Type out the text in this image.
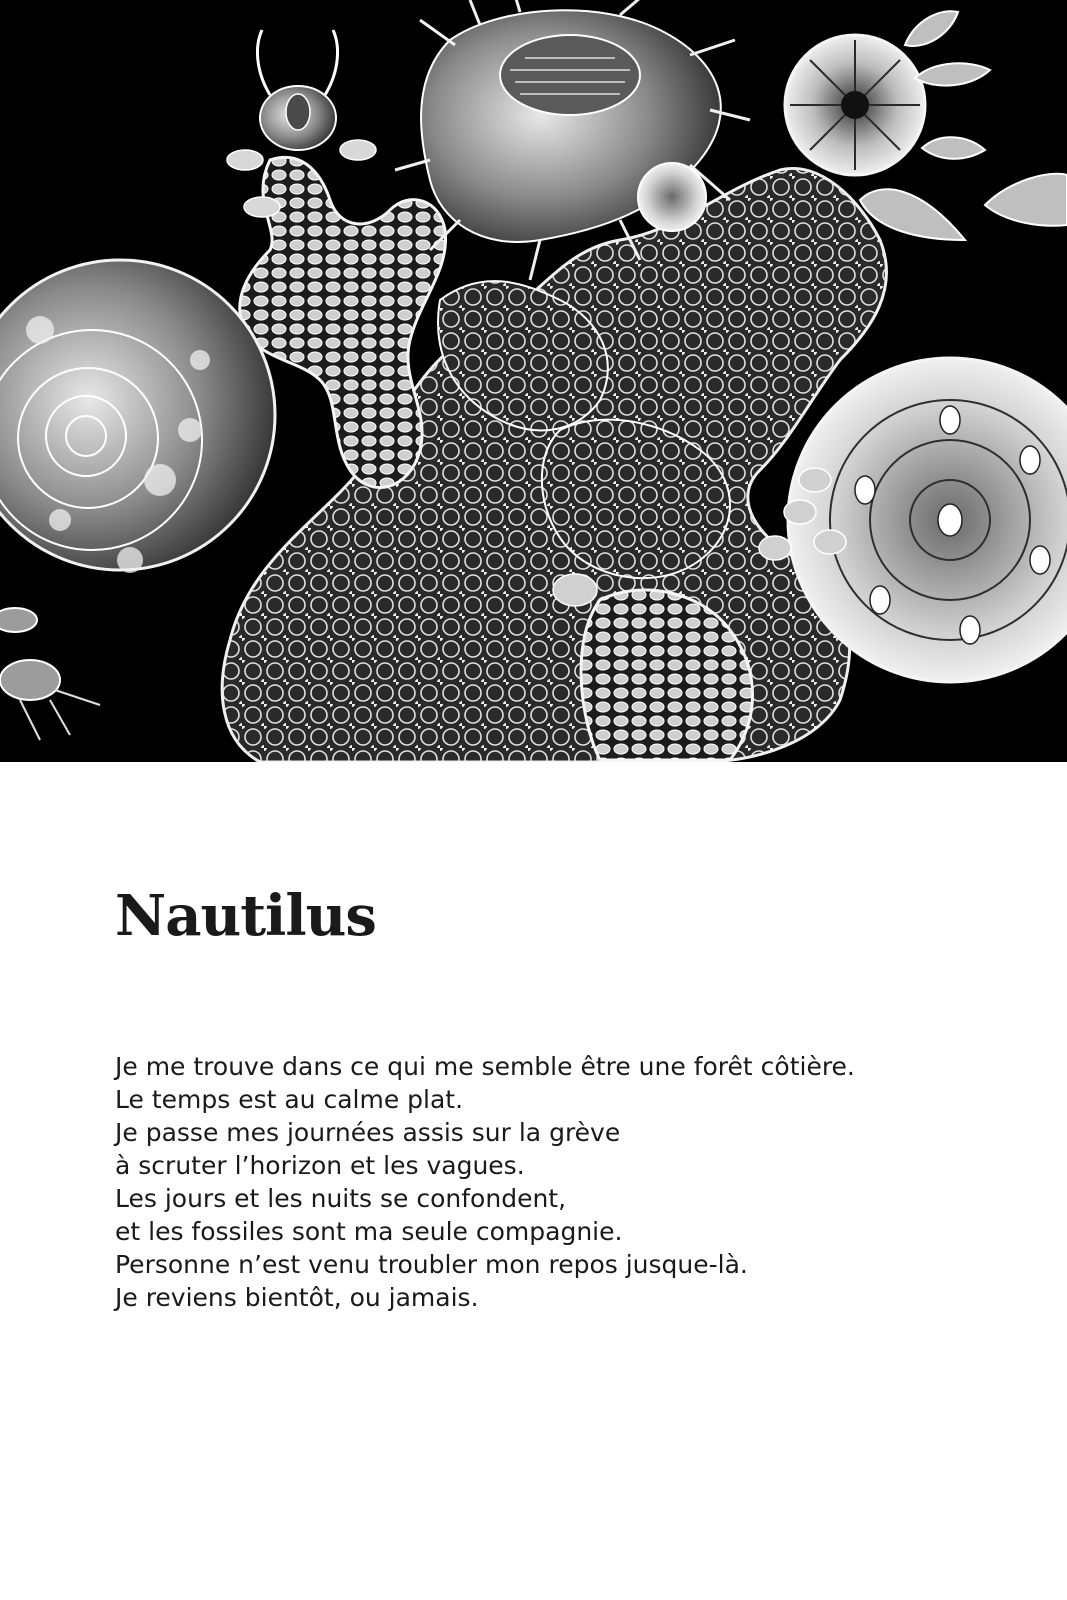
Nautilus
Je me trouve dans ce qui me semble être une forêt côtière.
Le temps est au calme plat.
Je passe mes journées assis sur la grève
à scruter l’horizon et les vagues.
Les jours et les nuits se confondent,
et les fossiles sont ma seule compagnie.
Personne n’est venu troubler mon repos jusque-là.
Je reviens bientôt, ou jamais.
